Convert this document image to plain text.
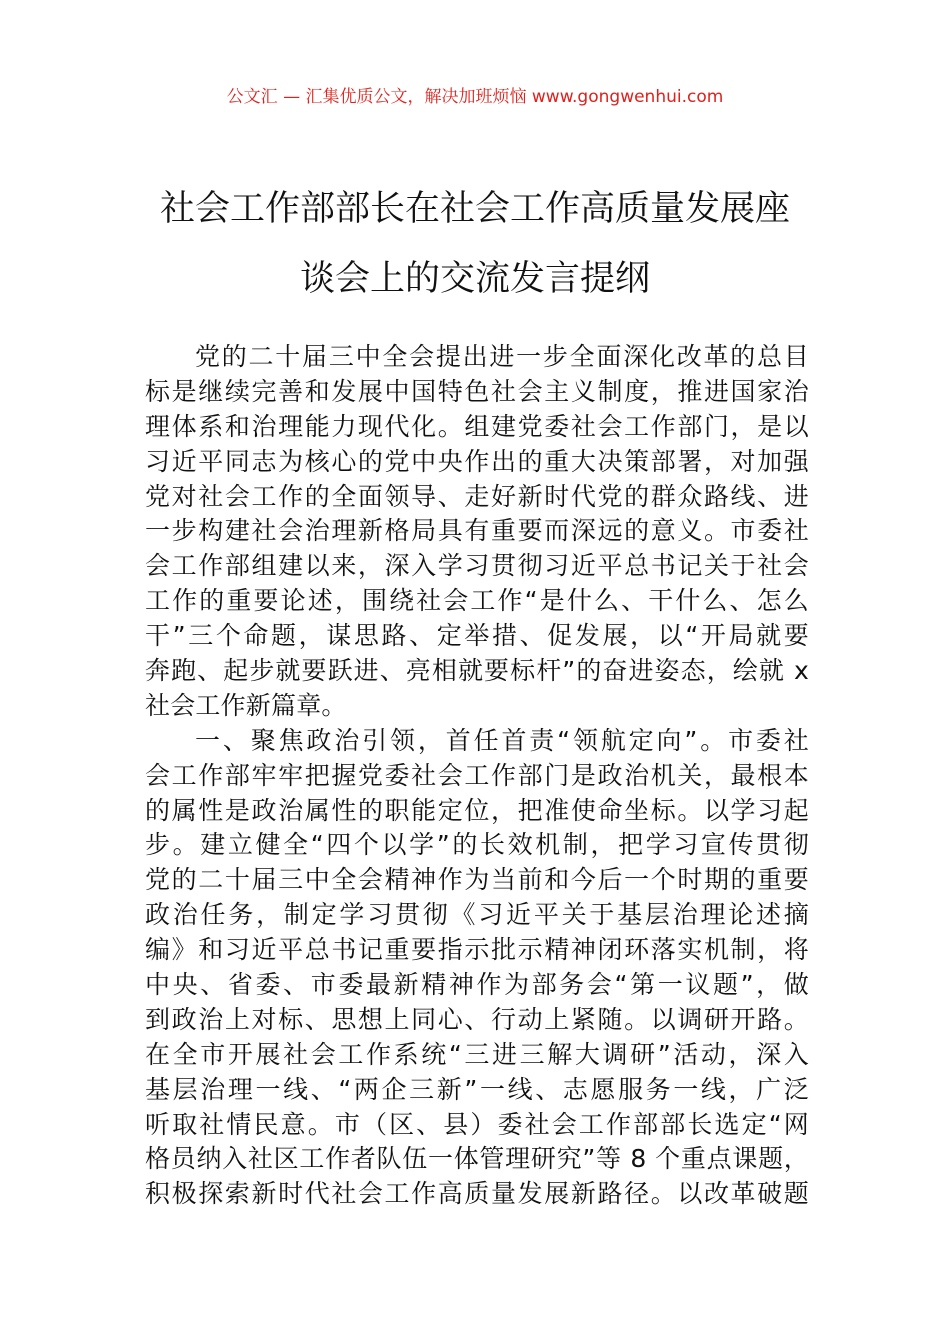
公文汇 — 汇集优质公文，解决加班烦恼 www.gongwenhui.com
社会工作部部长在社会工作高质量发展座
谈会上的交流发言提纲
党的二十届三中全会提出进一步全面深化改革的总目
标是继续完善和发展中国特色社会主义制度，推进国家治
理体系和治理能力现代化。组建党委社会工作部门，是以
习近平同志为核心的党中央作出的重大决策部署，对加强
党对社会工作的全面领导、走好新时代党的群众路线、进
一步构建社会治理新格局具有重要而深远的意义。市委社
会工作部组建以来，深入学习贯彻习近平总书记关于社会
工作的重要论述，围绕社会工作“是什么、干什么、怎么
干”三个命题，谋思路、定举措、促发展，以“开局就要
奔跑、起步就要跃进、亮相就要标杆”的奋进姿态，绘就 x
社会工作新篇章。
一、聚焦政治引领，首任首责“领航定向”。市委社
会工作部牢牢把握党委社会工作部门是政治机关，最根本
的属性是政治属性的职能定位，把准使命坐标。以学习起
步。建立健全“四个以学”的长效机制，把学习宣传贯彻
党的二十届三中全会精神作为当前和今后一个时期的重要
政治任务，制定学习贯彻《习近平关于基层治理论述摘
编》和习近平总书记重要指示批示精神闭环落实机制，将
中央、省委、市委最新精神作为部务会“第一议题”，做
到政治上对标、思想上同心、行动上紧随。以调研开路。
在全市开展社会工作系统“三进三解大调研”活动，深入
基层治理一线、“两企三新”一线、志愿服务一线，广泛
听取社情民意。市（区、县）委社会工作部部长选定“网
格员纳入社区工作者队伍一体管理研究”等 8 个重点课题，
积极探索新时代社会工作高质量发展新路径。以改革破题
